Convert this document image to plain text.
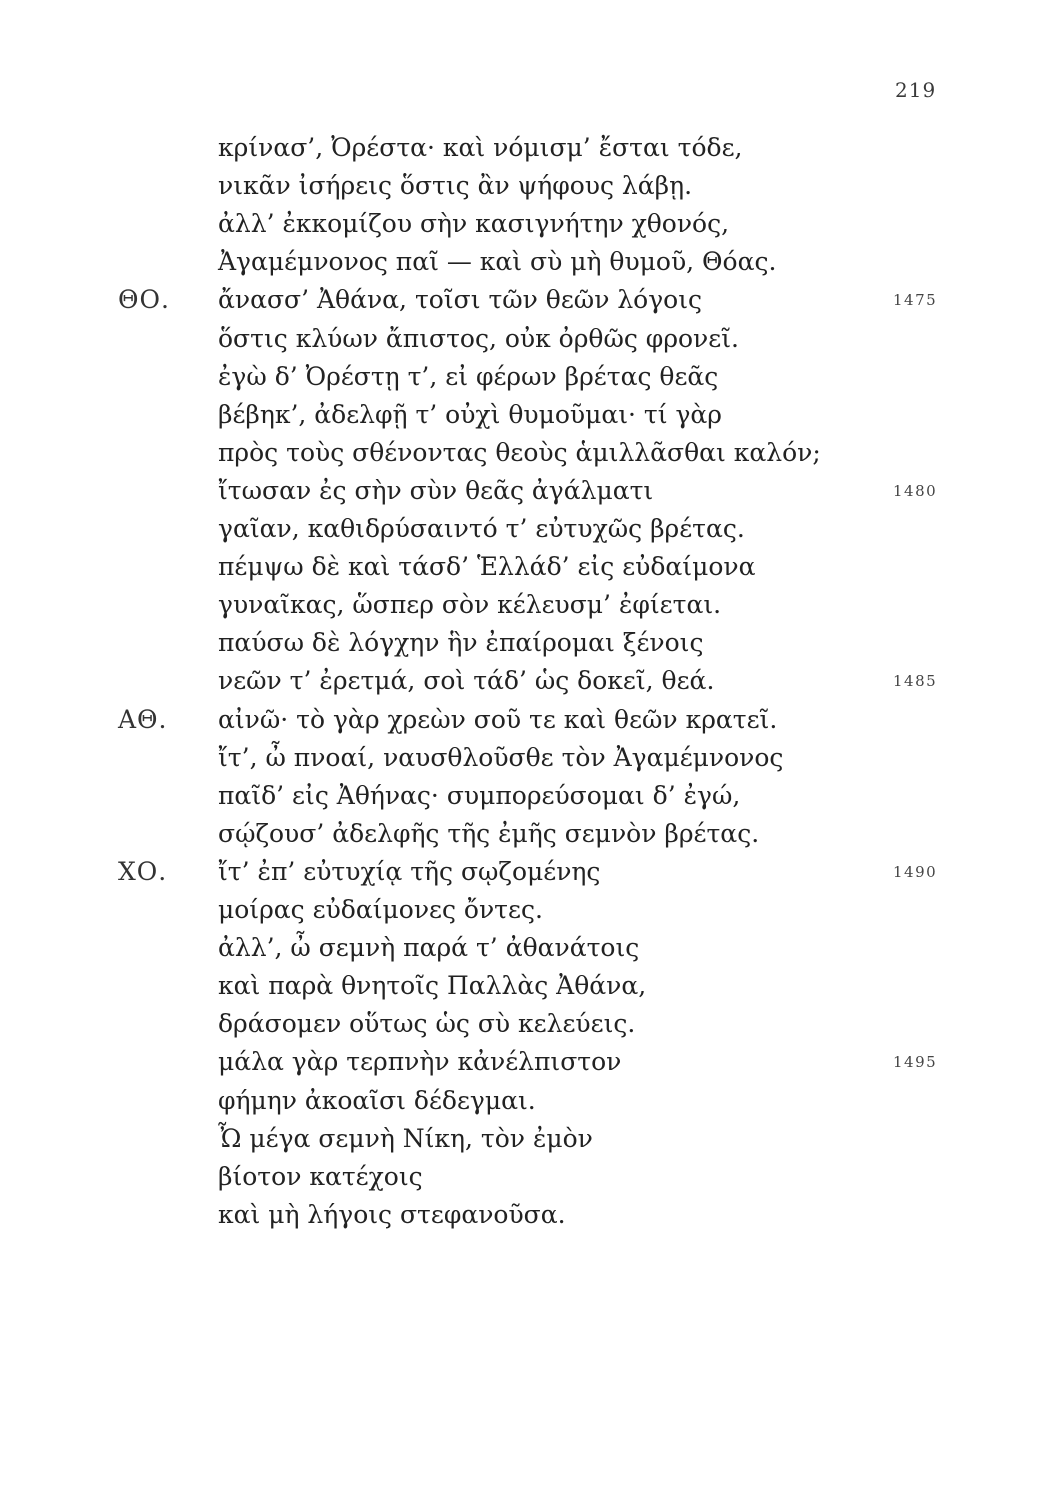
219
κρίνασ’, Ὀρέστα· καὶ νόμισμ’ ἔσται τόδε,
νικᾶν ἰσήρεις ὅστις ἂν ψήφους λάβῃ.
ἀλλ’ ἐκκομίζου σὴν κασιγνήτην χθονός,
Ἀγαμέμνονος παῖ — καὶ σὺ μὴ θυμοῦ, Θόας.
ΘΟ. ἄνασσ’ Ἀθάνα, τοῖσι τῶν θεῶν λόγοις	1475
ὅστις κλύων ἄπιστος, οὐκ ὀρθῶς φρονεῖ.
ἐγὼ δ’ Ὀρέστῃ τ’, εἰ φέρων βρέτας θεᾶς
βέβηκ’, ἀδελφῇ τ’ οὐχὶ θυμοῦμαι· τί γὰρ
πρὸς τοὺς σθένοντας θεοὺς ἁμιλλᾶσθαι καλόν;
ἴτωσαν ἐς σὴν σὺν θεᾶς ἀγάλματι	1480
γαῖαν, καθιδρύσαιντό τ’ εὐτυχῶς βρέτας.
πέμψω δὲ καὶ τάσδ’ Ἑλλάδ’ εἰς εὐδαίμονα
γυναῖκας, ὥσπερ σὸν κέλευσμ’ ἐφίεται.
παύσω δὲ λόγχην ἣν ἐπαίρομαι ξένοις
νεῶν τ’ ἐρετμά, σοὶ τάδ’ ὡς δοκεῖ, θεά.	1485
ΑΘ. αἰνῶ· τὸ γὰρ χρεὼν σοῦ τε καὶ θεῶν κρατεῖ.
ἴτ’, ὦ πνοαί, ναυσθλοῦσθε τὸν Ἀγαμέμνονος
παῖδ’ εἰς Ἀθήνας· συμπορεύσομαι δ’ ἐγώ,
σῴζουσ’ ἀδελφῆς τῆς ἐμῆς σεμνὸν βρέτας.
ΧΟ. ἴτ’ ἐπ’ εὐτυχίᾳ τῆς σῳζομένης	1490
μοίρας εὐδαίμονες ὄντες.
ἀλλ’, ὦ σεμνὴ παρά τ’ ἀθανάτοις
καὶ παρὰ θνητοῖς Παλλὰς Ἀθάνα,
δράσομεν οὕτως ὡς σὺ κελεύεις.
μάλα γὰρ τερπνὴν κἀνέλπιστον	1495
φήμην ἀκοαῖσι δέδεγμαι.
Ὦ μέγα σεμνὴ Νίκη, τὸν ἐμὸν
βίοτον κατέχοις
καὶ μὴ λήγοις στεφανοῦσα.
